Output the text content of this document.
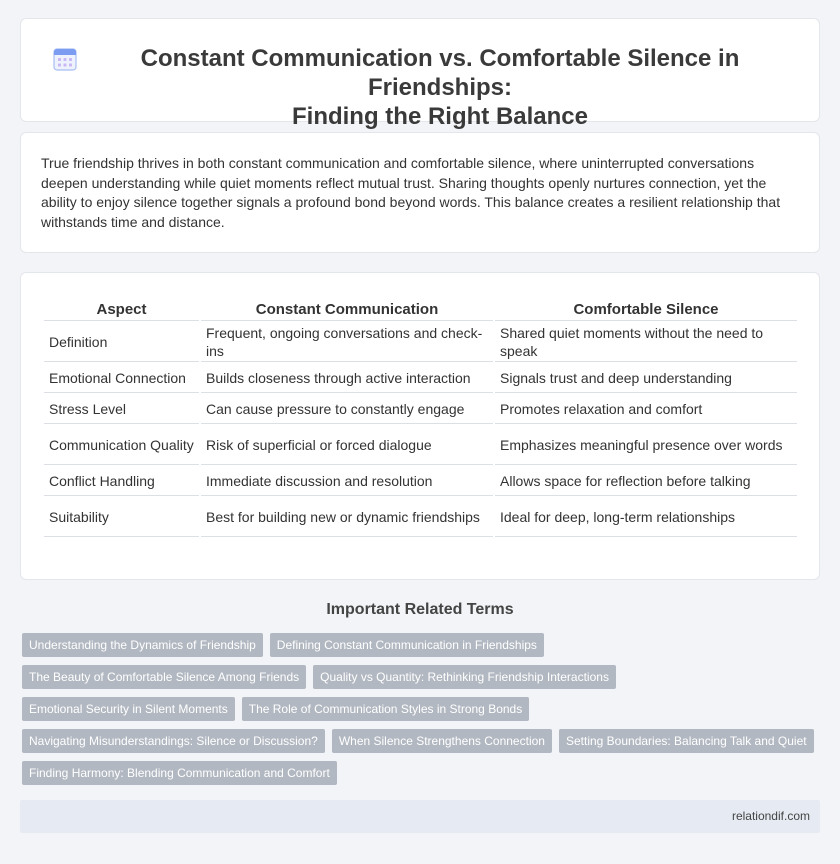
Constant Communication vs. Comfortable Silence in Friendships:
Finding the Right Balance

True friendship thrives in both constant communication and comfortable silence, where uninterrupted conversations deepen understanding while quiet moments reflect mutual trust. Sharing thoughts openly nurtures connection, yet the ability to enjoy silence together signals a profound bond beyond words. This balance creates a resilient relationship that withstands time and distance.

Aspect	Constant Communication	Comfortable Silence
Definition	Frequent, ongoing conversations and check-ins	Shared quiet moments without the need to speak
Emotional Connection	Builds closeness through active interaction	Signals trust and deep understanding
Stress Level	Can cause pressure to constantly engage	Promotes relaxation and comfort
Communication Quality	Risk of superficial or forced dialogue	Emphasizes meaningful presence over words
Conflict Handling	Immediate discussion and resolution	Allows space for reflection before talking
Suitability	Best for building new or dynamic friendships	Ideal for deep, long-term relationships
Important Related Terms
Understanding the Dynamics of Friendship	Defining Constant Communication in Friendships
The Beauty of Comfortable Silence Among Friends	Quality vs Quantity: Rethinking Friendship Interactions
Emotional Security in Silent Moments	The Role of Communication Styles in Strong Bonds
Navigating Misunderstandings: Silence or Discussion?	When Silence Strengthens Connection	Setting Boundaries: Balancing Talk and Quiet
Finding Harmony: Blending Communication and Comfort
relationdif.com
